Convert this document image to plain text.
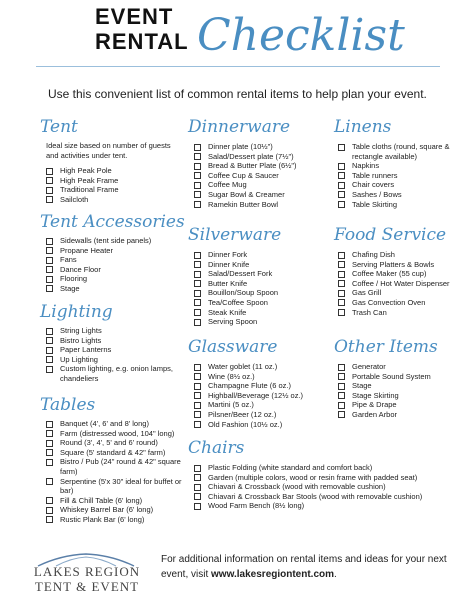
EVENT
RENTAL Checklist
Use this convenient list of common rental items to help plan your event.
Tent
Ideal size based on number of guests and activities under tent.
High Peak Pole
High Peak Frame
Traditional Frame
Sailcloth
Tent Accessories
Sidewalls (tent side panels)
Propane Heater
Fans
Dance Floor
Flooring
Stage
Lighting
String Lights
Bistro Lights
Paper Lanterns
Up Lighting
Custom lighting, e.g. onion lamps, chandeliers
Tables
Banquet (4', 6' and 8' long)
Farm (distressed wood, 104" long)
Round (3', 4', 5' and 6' round)
Square (5' standard & 42" farm)
Bistro / Pub (24" round & 42" square farm)
Serpentine (5'x 30" ideal for buffet or bar)
Fill & Chill Table (6' long)
Whiskey Barrel Bar (6' long)
Rustic Plank Bar (6' long)
Dinnerware
Dinner plate (10½")
Salad/Dessert plate (7½")
Bread & Butter Plate (6½")
Coffee Cup & Saucer
Coffee Mug
Sugar Bowl & Creamer
Ramekin Butter Bowl
Silverware
Dinner Fork
Dinner Knife
Salad/Dessert Fork
Butter Knife
Bouillon/Soup Spoon
Tea/Coffee Spoon
Steak Knife
Serving Spoon
Glassware
Water goblet (11 oz.)
Wine (8½ oz.)
Champagne Flute (6 oz.)
Highball/Beverage (12½ oz.)
Martini (5 oz.)
Pilsner/Beer (12 oz.)
Old Fashion (10½ oz.)
Chairs
Plastic Folding (white standard and comfort back)
Garden (multiple colors, wood or resin frame with padded seat)
Chiavari & Crossback (wood with removable cushion)
Chiavari & Crossback Bar Stools (wood with removable cushion)
Wood Farm Bench (8½ long)
Linens
Table cloths (round, square & rectangle available)
Napkins
Table runners
Chair covers
Sashes / Bows
Table Skirting
Food Service
Chafing Dish
Serving Platters & Bowls
Coffee Maker (55 cup)
Coffee / Hot Water Dispenser
Gas Grill
Gas Convection Oven
Trash Can
Other Items
Generator
Portable Sound System
Stage
Stage Skirting
Pipe & Drape
Garden Arbor
LAKES REGION
TENT & EVENT
For additional information on rental items and ideas for your next event, visit www.lakesregiontent.com.
